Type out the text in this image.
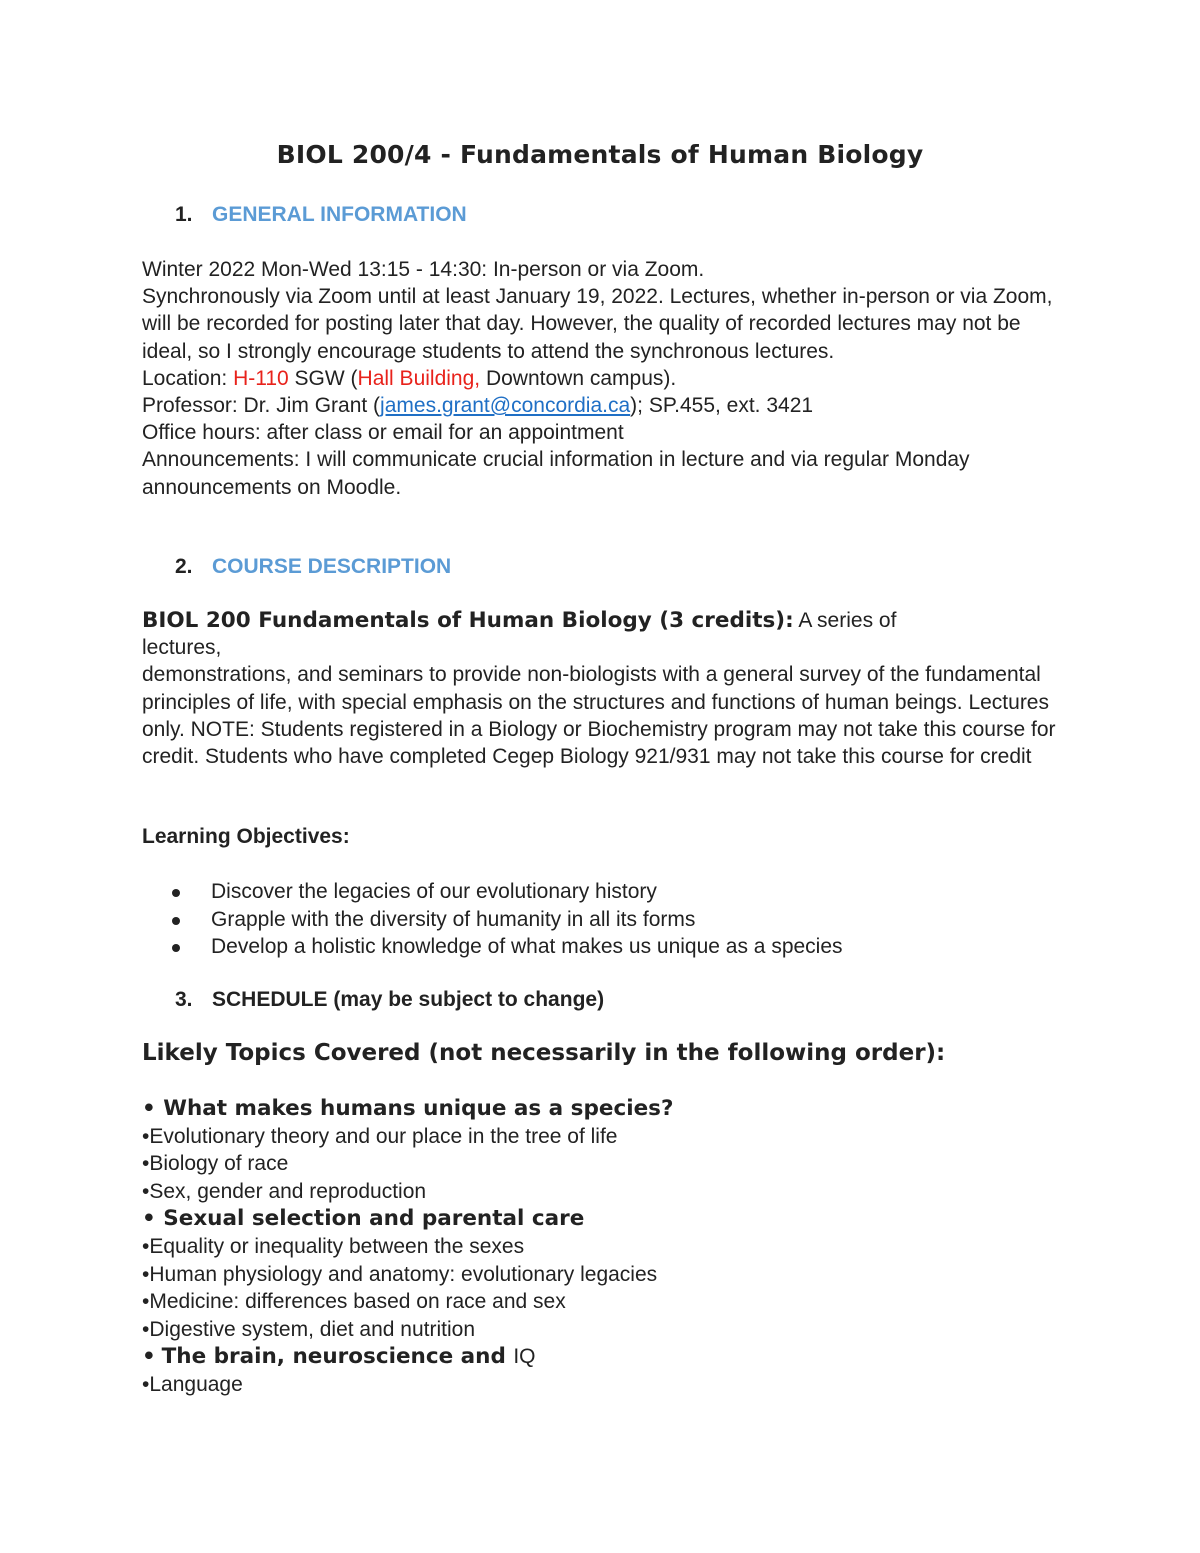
BIOL 200/4 - Fundamentals of Human Biology
1. GENERAL INFORMATION

Winter 2022 Mon-Wed 13:15 - 14:30: In-person or via Zoom.

Synchronously via Zoom until at least January 19, 2022. Lectures, whether in-person or via Zoom, will be recorded for posting later that day. However, the quality of recorded lectures may not be ideal, so I strongly encourage students to attend the synchronous lectures.

Location: H-110 SGW (Hall Building, Downtown campus).

Professor: Dr. Jim Grant (james.grant@concordia.ca); SP.455, ext. 3421

Office hours: after class or email for an appointment

Announcements: I will communicate crucial information in lecture and via regular Monday announcements on Moodle.

2. COURSE DESCRIPTION

BIOL 200 Fundamentals of Human Biology (3 credits): A series of

lectures,

demonstrations, and seminars to provide non-biologists with a general survey of the fundamental principles of life, with special emphasis on the structures and functions of human beings. Lectures only. NOTE: Students registered in a Biology or Biochemistry program may not take this course for credit. Students who have completed Cegep Biology 921/931 may not take this course for credit

Learning Objectives:
Discover the legacies of our evolutionary history
Grapple with the diversity of humanity in all its forms
Develop a holistic knowledge of what makes us unique as a species
3. SCHEDULE (may be subject to change)
Likely Topics Covered (not necessarily in the following order):
• What makes humans unique as a species?
•Evolutionary theory and our place in the tree of life
•Biology of race
•Sex, gender and reproduction
• Sexual selection and parental care
•Equality or inequality between the sexes
•Human physiology and anatomy: evolutionary legacies
•Medicine: differences based on race and sex
•Digestive system, diet and nutrition
• The brain, neuroscience and IQ
•Language
